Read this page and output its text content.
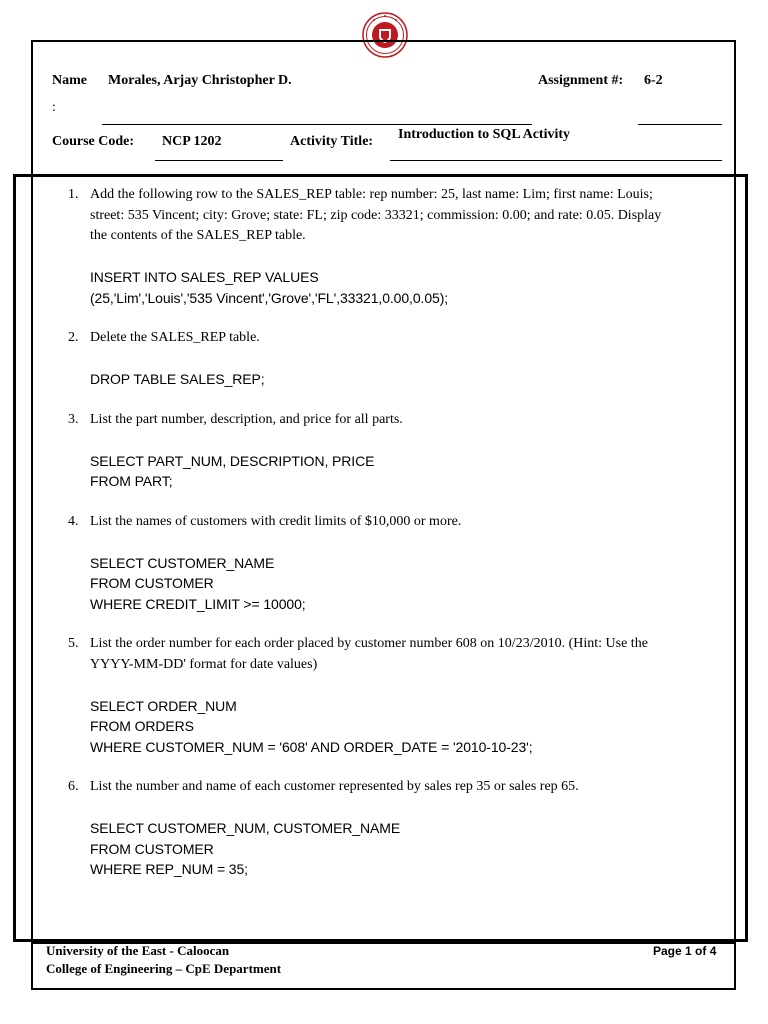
Name Morales, Arjay Christopher D.
:
Assignment #: 6-2
Course Code: NCP 1202	Activity Title: Introduction to SQL Activity
1. Add the following row to the SALES_REP table: rep number: 25, last name: Lim; first name: Louis; street: 535 Vincent; city: Grove; state: FL; zip code: 33321; commission: 0.00; and rate: 0.05. Display the contents of the SALES_REP table.
INSERT INTO SALES_REP VALUES
(25,'Lim','Louis','535 Vincent','Grove','FL',33321,0.00,0.05);
2. Delete the SALES_REP table.
DROP TABLE SALES_REP;
3. List the part number, description, and price for all parts.
SELECT PART_NUM, DESCRIPTION, PRICE
FROM PART;
4. List the names of customers with credit limits of $10,000 or more.
SELECT CUSTOMER_NAME
FROM CUSTOMER
WHERE CREDIT_LIMIT >= 10000;
5. List the order number for each order placed by customer number 608 on 10/23/2010. (Hint: Use the YYYY-MM-DD' format for date values)
SELECT ORDER_NUM
FROM ORDERS
WHERE CUSTOMER_NUM = '608' AND ORDER_DATE = '2010-10-23';
6. List the number and name of each customer represented by sales rep 35 or sales rep 65.
SELECT CUSTOMER_NUM, CUSTOMER_NAME
FROM CUSTOMER
WHERE REP_NUM = 35;
University of the East - Caloocan
College of Engineering – CpE Department
Page 1 of 4
